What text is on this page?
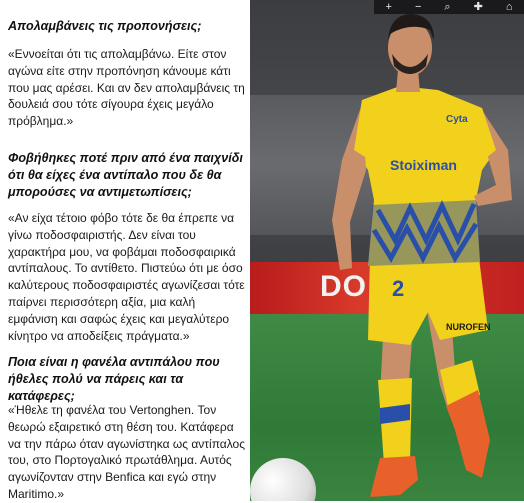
Απολαμβάνεις τις προπονήσεις;

«Εννοείται ότι τις απολαμβάνω. Είτε στον αγώνα είτε στην προπόνηση κάνουμε κάτι που μας αρέσει. Και αν δεν απολαμβάνεις τη δουλειά σου τότε σίγουρα έχεις μεγάλο πρόβλημα.»

Φοβήθηκες ποτέ πριν από ένα παιχνίδι ότι θα είχες ένα αντίπαλο που δε θα μπορούσες να αντιμετωπίσεις;

«Αν είχα τέτοιο φόβο τότε δε θα έπρεπε να γίνω ποδοσφαιριστής. Δεν είναι του χαρακτήρα μου, να φοβάμαι ποδοσφαιρικά αντίπαλους. Το αντίθετο. Πιστεύω ότι με όσο καλύτερους ποδοσφαιριστές αγωνίζεσαι τότε παίρνει περισσότερη αξία, μια καλή εμφάνιση και σαφώς έχεις και μεγαλύτερο κίνητρο να αποδείξεις πράγματα.»

Ποια είναι η φανέλα αντιπάλου που ήθελες πολύ να πάρεις και τα κατάφερες;

«Ήθελε τη φανέλα του Vertonghen. Τον θεωρώ εξαιρετικό στη θέση του. Κατάφερα να την πάρω όταν αγωνίστηκα ως αντίπαλος του, στο Πορτογαλικό πρωτάθλημα. Αυτός αγωνίζονταν στην Benfica και εγώ στην Maritimo.»

DO 2
NUROFEN
Stoiximan
Cyta
+ − ⌕ ✚ ⌂
